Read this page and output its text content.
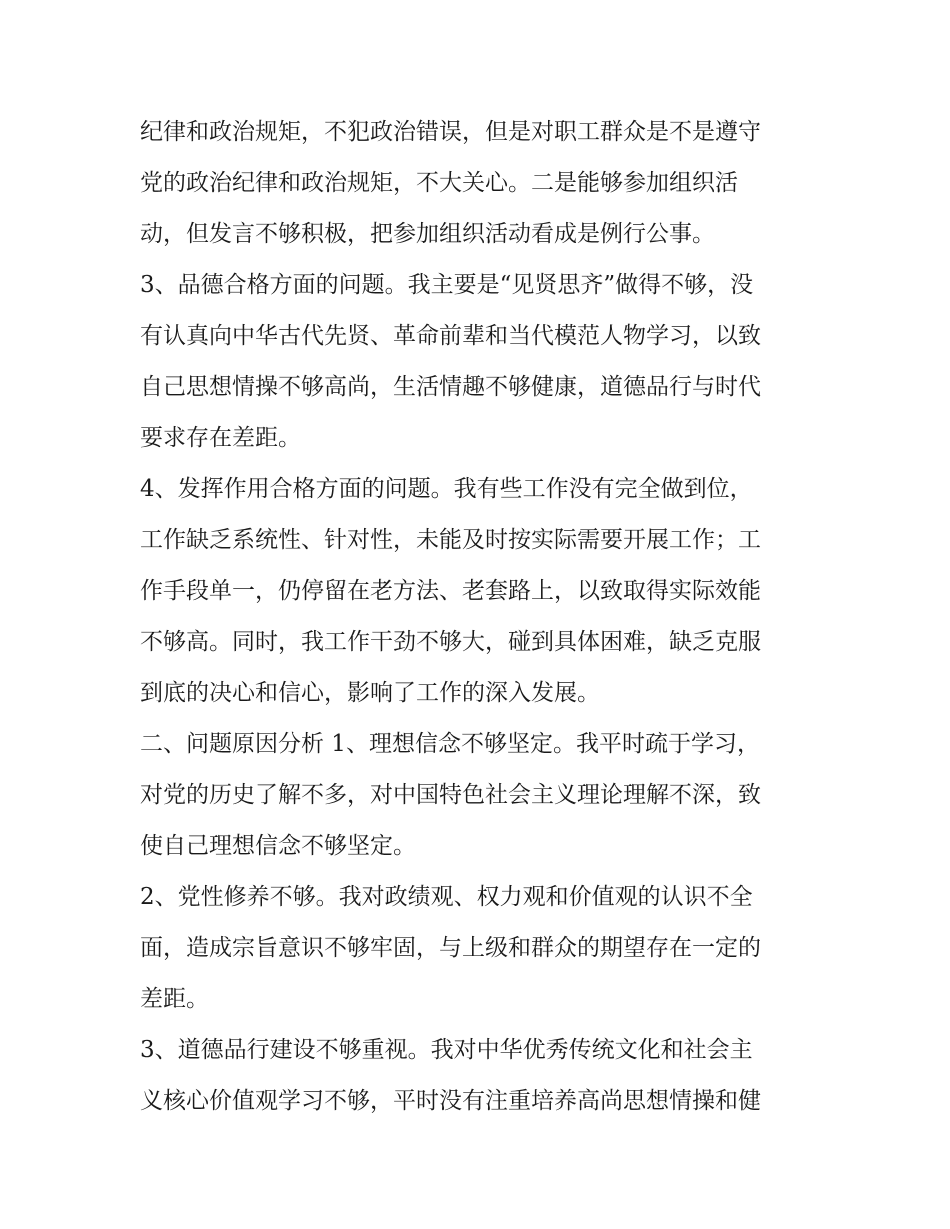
纪律和政治规矩，不犯政治错误，但是对职工群众是不是遵守
党的政治纪律和政治规矩，不大关心。二是能够参加组织活
动，但发言不够积极，把参加组织活动看成是例行公事。
3、品德合格方面的问题。我主要是“见贤思齐”做得不够，没
有认真向中华古代先贤、革命前辈和当代模范人物学习，以致
自己思想情操不够高尚，生活情趣不够健康，道德品行与时代
要求存在差距。
4、发挥作用合格方面的问题。我有些工作没有完全做到位，
工作缺乏系统性、针对性，未能及时按实际需要开展工作；工
作手段单一，仍停留在老方法、老套路上，以致取得实际效能
不够高。同时，我工作干劲不够大，碰到具体困难，缺乏克服
到底的决心和信心，影响了工作的深入发展。
二、问题原因分析 1、理想信念不够坚定。我平时疏于学习，
对党的历史了解不多，对中国特色社会主义理论理解不深，致
使自己理想信念不够坚定。
2、党性修养不够。我对政绩观、权力观和价值观的认识不全
面，造成宗旨意识不够牢固，与上级和群众的期望存在一定的
差距。
3、道德品行建设不够重视。我对中华优秀传统文化和社会主
义核心价值观学习不够，平时没有注重培养高尚思想情操和健
